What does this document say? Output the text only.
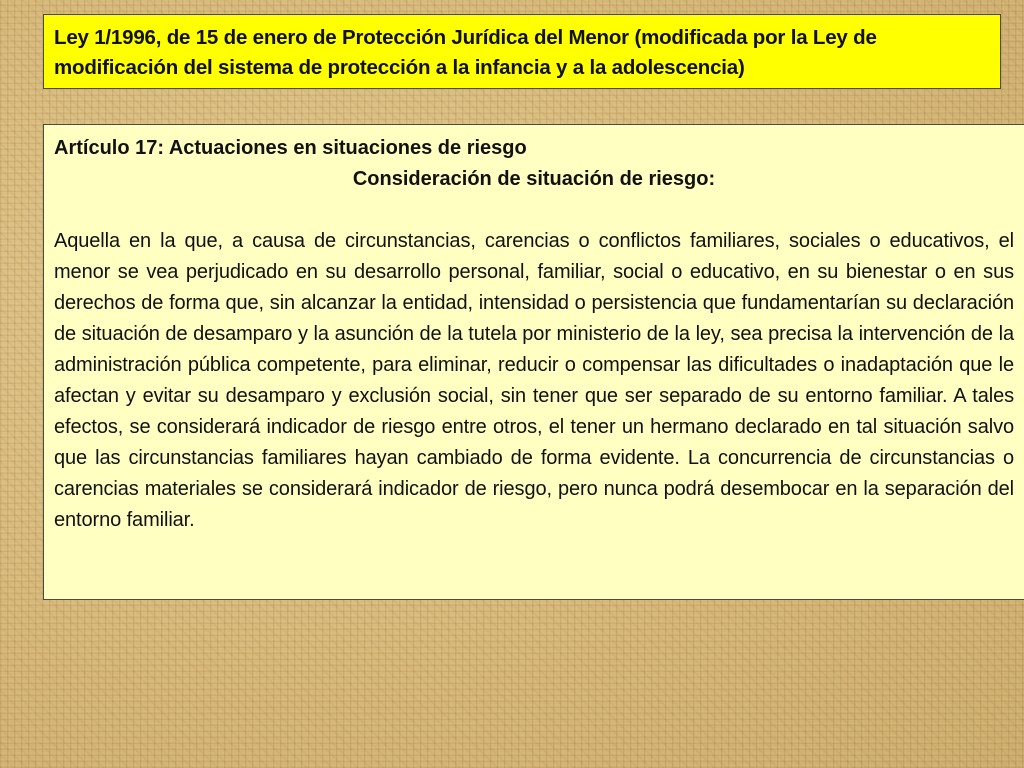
Ley 1/1996, de 15 de enero de Protección Jurídica del Menor (modificada por la Ley de modificación del sistema de protección a la infancia y a la adolescencia)

Artículo 17: Actuaciones en situaciones de riesgo

Consideración de situación de riesgo:

Aquella en la que, a causa de circunstancias, carencias o conflictos familiares, sociales o educativos, el menor se vea perjudicado en su desarrollo personal, familiar, social o educativo, en su bienestar o en sus derechos de forma que, sin alcanzar la entidad, intensidad o persistencia que fundamentarían su declaración de situación de desamparo y la asunción de la tutela por ministerio de la ley, sea precisa la intervención de la administración pública competente, para eliminar, reducir o compensar las dificultades o inadaptación que le afectan y evitar su desamparo y exclusión social, sin tener que ser separado de su entorno familiar. A tales efectos, se considerará indicador de riesgo entre otros, el tener un hermano declarado en tal situación salvo que las circunstancias familiares hayan cambiado de forma evidente. La concurrencia de circunstancias o carencias materiales se considerará indicador de riesgo, pero nunca podrá desembocar en la separación del entorno familiar.
